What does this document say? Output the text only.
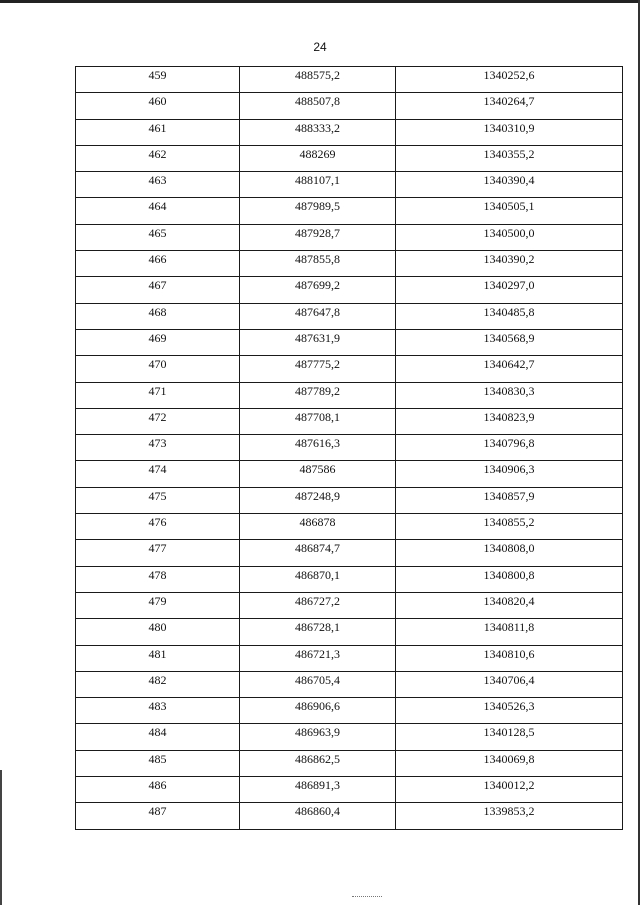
24
459	488575,2	1340252,6
460	488507,8	1340264,7
461	488333,2	1340310,9
462	488269	1340355,2
463	488107,1	1340390,4
464	487989,5	1340505,1
465	487928,7	1340500,0
466	487855,8	1340390,2
467	487699,2	1340297,0
468	487647,8	1340485,8
469	487631,9	1340568,9
470	487775,2	1340642,7
471	487789,2	1340830,3
472	487708,1	1340823,9
473	487616,3	1340796,8
474	487586	1340906,3
475	487248,9	1340857,9
476	486878	1340855,2
477	486874,7	1340808,0
478	486870,1	1340800,8
479	486727,2	1340820,4
480	486728,1	1340811,8
481	486721,3	1340810,6
482	486705,4	1340706,4
483	486906,6	1340526,3
484	486963,9	1340128,5
485	486862,5	1340069,8
486	486891,3	1340012,2
487	486860,4	1339853,2
